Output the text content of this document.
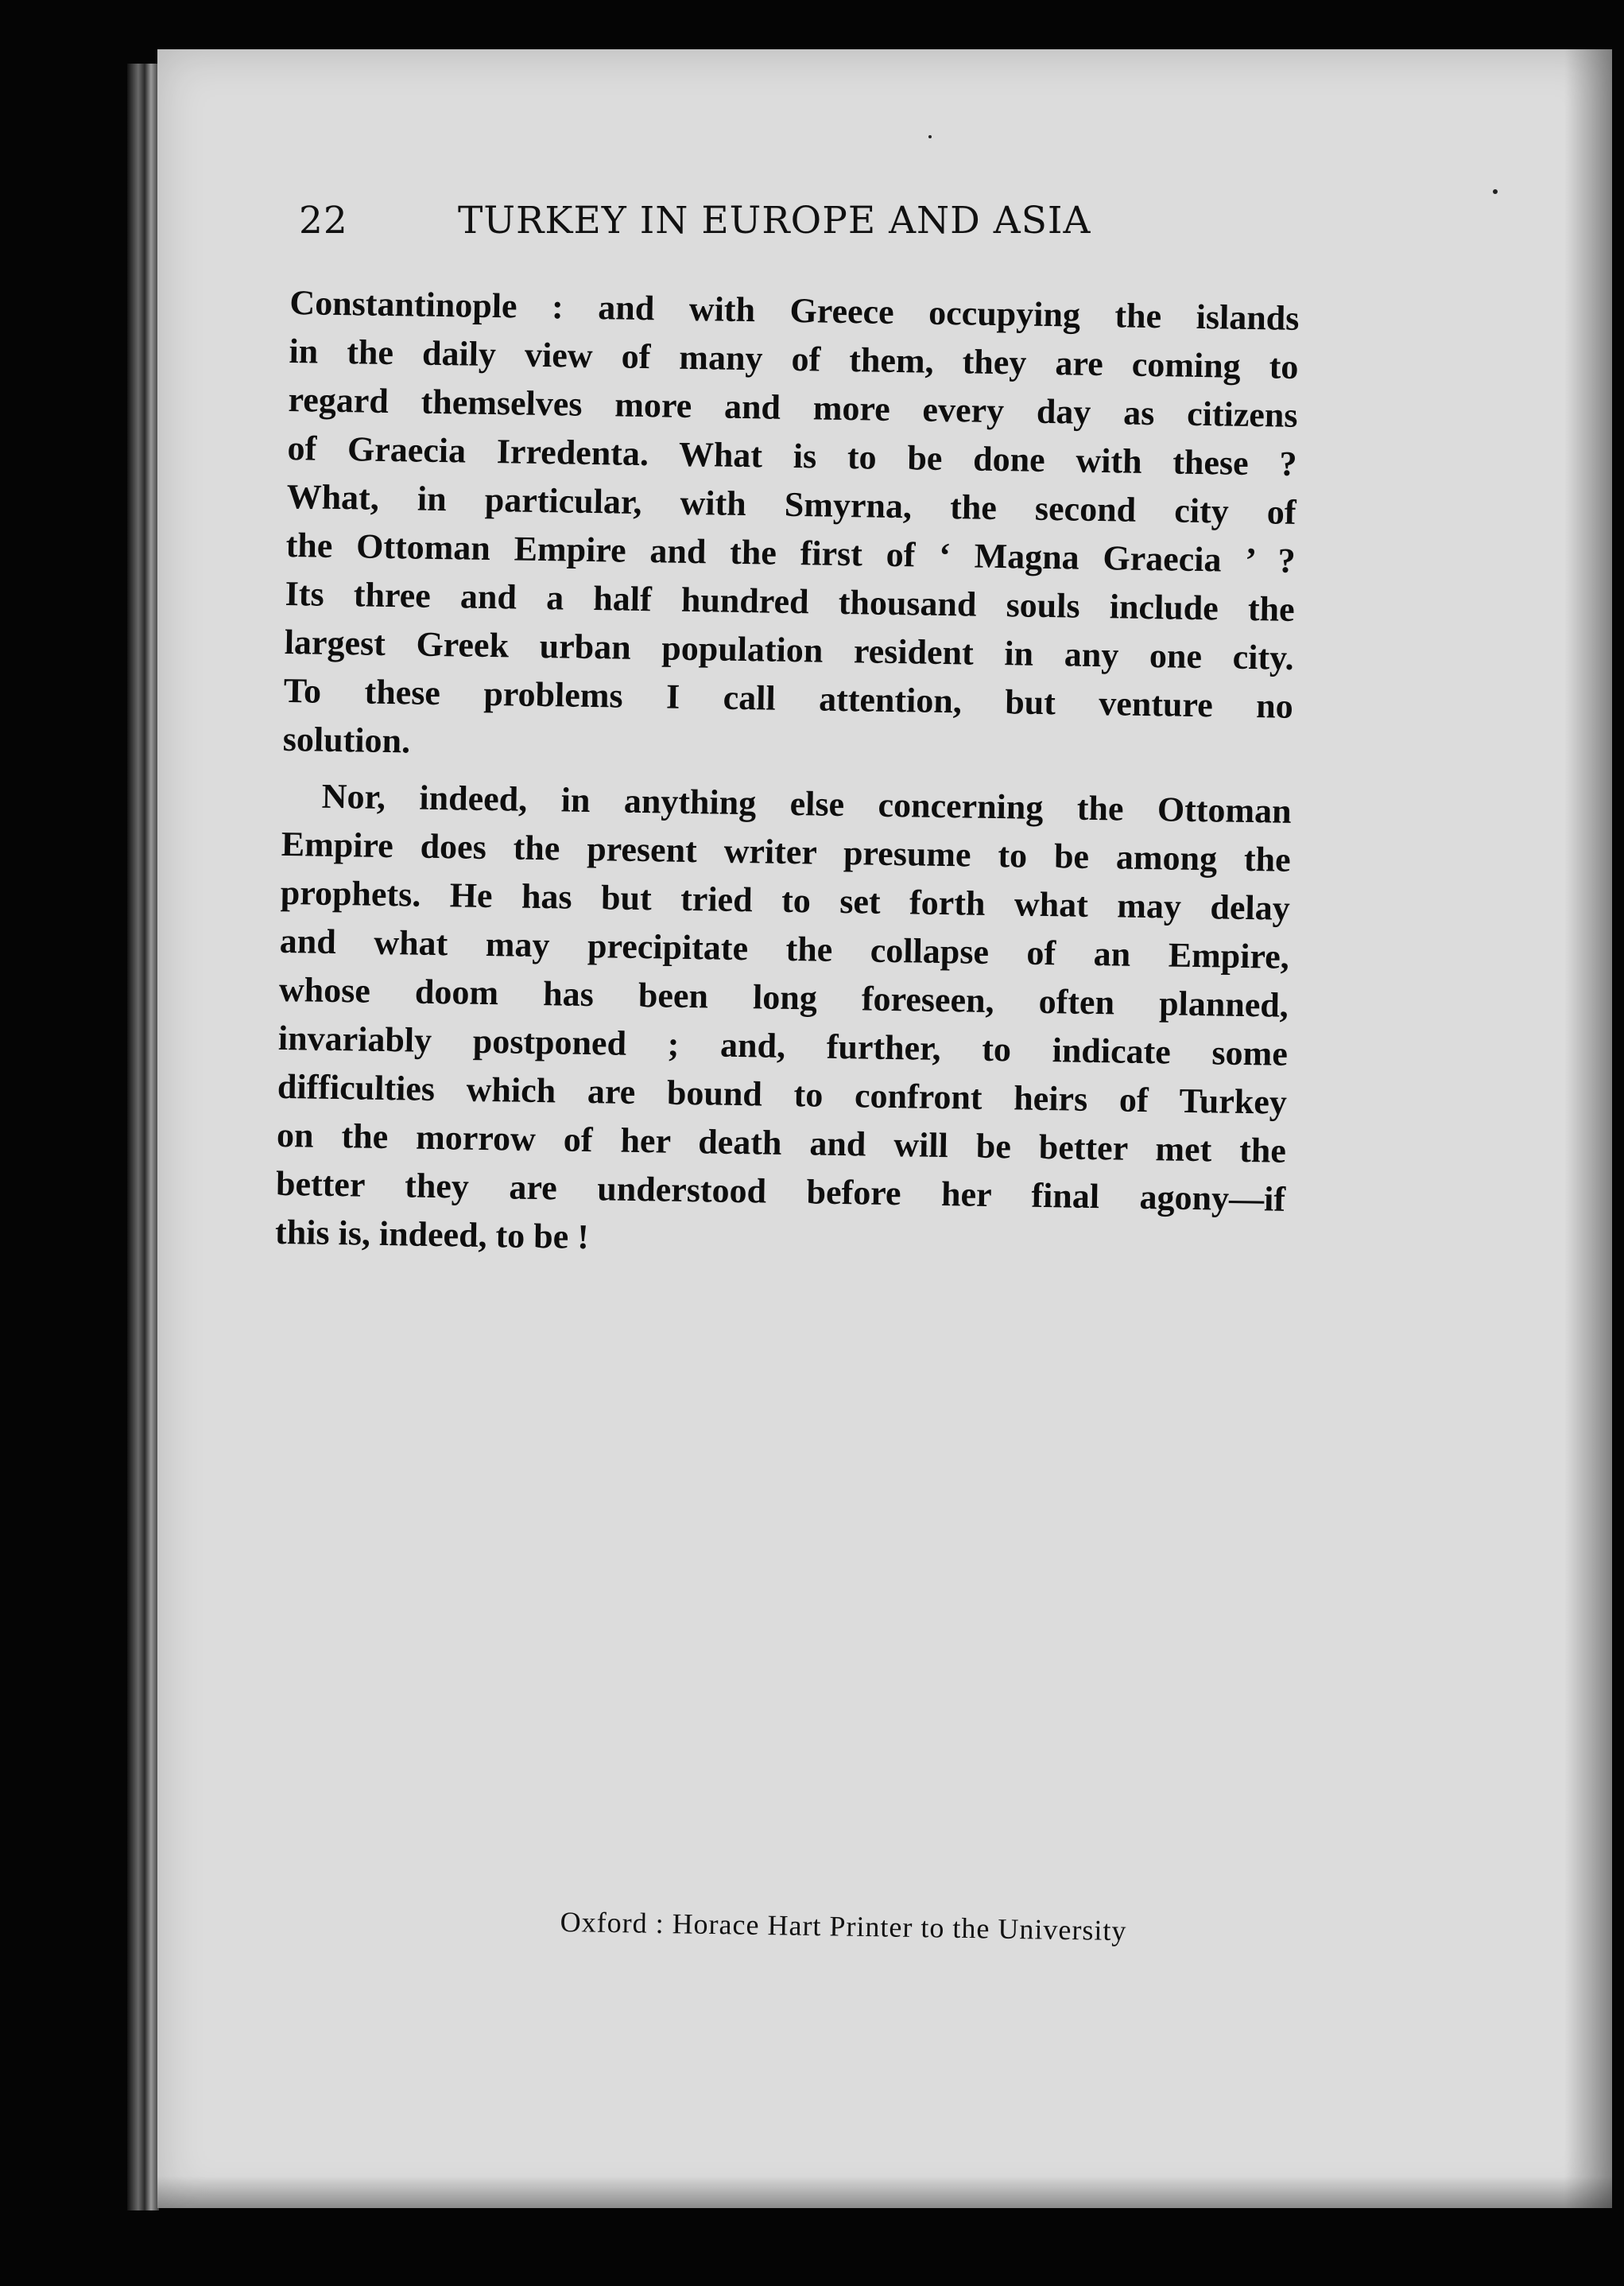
22	TURKEY IN EUROPE AND ASIA

Constantinople : and with Greece occupying the islands
in the daily view of many of them, they are coming to
regard themselves more and more every day as citizens
of Graecia Irredenta. What is to be done with these ?
What, in particular, with Smyrna, the second city of
the Ottoman Empire and the first of ‘ Magna Graecia ’ ?
Its three and a half hundred thousand souls include the
largest Greek urban population resident in any one city.
To these problems I call attention, but venture no
solution.

Nor, indeed, in anything else concerning the Ottoman
Empire does the present writer presume to be among the
prophets. He has but tried to set forth what may delay
and what may precipitate the collapse of an Empire,
whose doom has been long foreseen, often planned,
invariably postponed ; and, further, to indicate some
difficulties which are bound to confront heirs of Turkey
on the morrow of her death and will be better met the
better they are understood before her final agony—if
this is, indeed, to be !

Oxford : Horace Hart Printer to the University
